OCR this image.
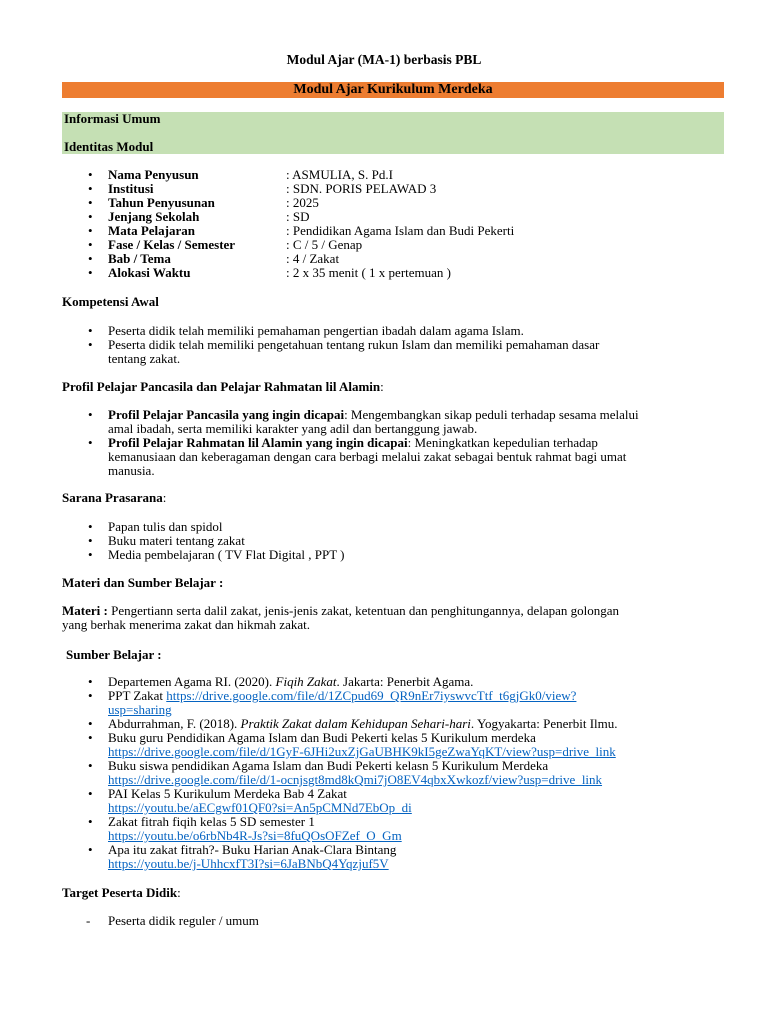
Modul Ajar (MA-1) berbasis PBL
Modul Ajar Kurikulum Merdeka
Informasi Umum
Identitas Modul
• Nama Penyusun	: ASMULIA, S. Pd.I
• Institusi	: SDN. PORIS PELAWAD 3
• Tahun Penyusunan	: 2025
• Jenjang Sekolah	: SD
• Mata Pelajaran	: Pendidikan Agama Islam dan Budi Pekerti
• Fase / Kelas / Semester	: C / 5 / Genap
• Bab / Tema	: 4 / Zakat
• Alokasi Waktu	: 2 x 35 menit ( 1 x pertemuan )
Kompetensi Awal
• Peserta didik telah memiliki pemahaman pengertian ibadah dalam agama Islam.
• Peserta didik telah memiliki pengetahuan tentang rukun Islam dan memiliki pemahaman dasar
tentang zakat.
Profil Pelajar Pancasila dan Pelajar Rahmatan lil Alamin:
• Profil Pelajar Pancasila yang ingin dicapai: Mengembangkan sikap peduli terhadap sesama melalui
amal ibadah, serta memiliki karakter yang adil dan bertanggung jawab.
• Profil Pelajar Rahmatan lil Alamin yang ingin dicapai: Meningkatkan kepedulian terhadap
kemanusiaan dan keberagaman dengan cara berbagi melalui zakat sebagai bentuk rahmat bagi umat
manusia.
Sarana Prasarana:
• Papan tulis dan spidol
• Buku materi tentang zakat
• Media pembelajaran ( TV Flat Digital , PPT )
Materi dan Sumber Belajar :
Materi : Pengertiann serta dalil zakat, jenis-jenis zakat, ketentuan dan penghitungannya, delapan golongan
yang berhak menerima zakat dan hikmah zakat.
Sumber Belajar :
• Departemen Agama RI. (2020). Fiqih Zakat. Jakarta: Penerbit Agama.
• PPT Zakat https://drive.google.com/file/d/1ZCpud69_QR9nEr7iyswvcTtf_t6gjGk0/view?
usp=sharing
• Abdurrahman, F. (2018). Praktik Zakat dalam Kehidupan Sehari-hari. Yogyakarta: Penerbit Ilmu.
• Buku guru Pendidikan Agama Islam dan Budi Pekerti kelas 5 Kurikulum merdeka
https://drive.google.com/file/d/1GyF-6JHi2uxZjGaUBHK9kI5geZwaYqKT/view?usp=drive_link
• Buku siswa pendidikan Agama Islam dan Budi Pekerti kelasn 5 Kurikulum Merdeka
https://drive.google.com/file/d/1-ocnjsgt8md8kQmi7jO8EV4qbxXwkozf/view?usp=drive_link
• PAI Kelas 5 Kurikulum Merdeka Bab 4 Zakat
https://youtu.be/aECgwf01QF0?si=An5pCMNd7EbOp_di
• Zakat fitrah fiqih kelas 5 SD semester 1
https://youtu.be/o6rbNb4R-Js?si=8fuQOsOFZef_O_Gm
• Apa itu zakat fitrah?- Buku Harian Anak-Clara Bintang
https://youtu.be/j-UhhcxfT3I?si=6JaBNbQ4Yqzjuf5V
Target Peserta Didik:
- Peserta didik reguler / umum
